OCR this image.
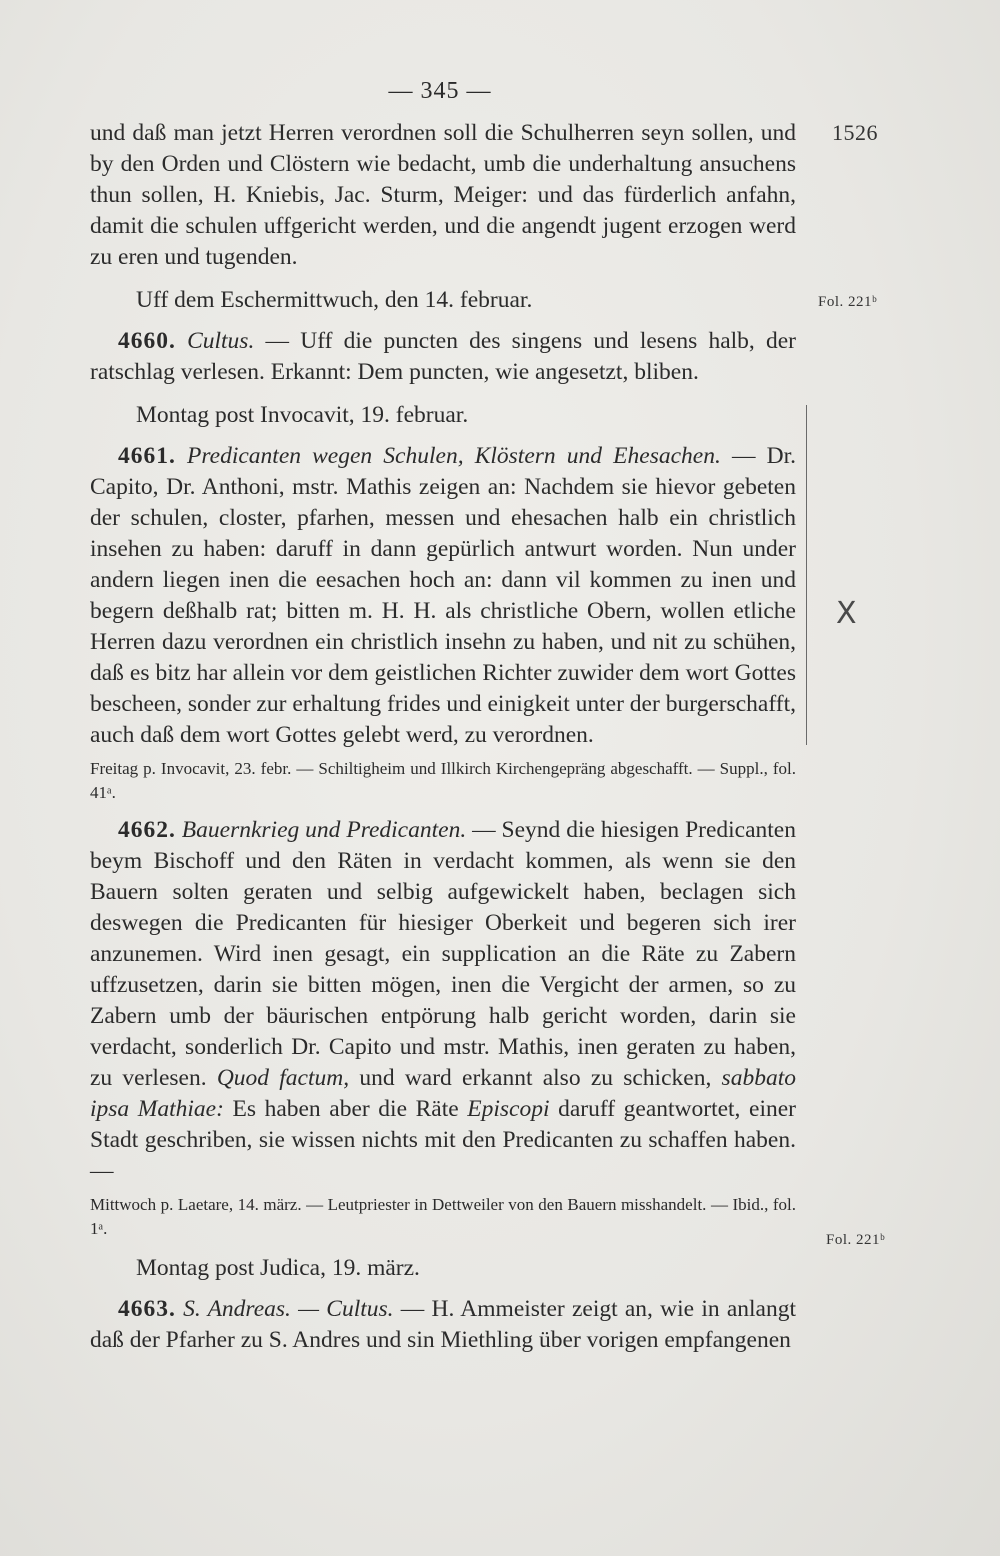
— 345 —
1526
Fol. 221ᵇ
Fol. 221ᵇ
X

und daß man jetzt Herren verordnen soll die Schulherren seyn sollen, und by den Orden und Clöstern wie bedacht, umb die underhaltung ansuchens thun sollen, H. Kniebis, Jac. Sturm, Meiger: und das fürderlich anfahn, damit die schulen uffgericht werden, und die angendt jugent erzogen werd zu eren und tugenden.

Uff dem Eschermittwuch, den 14. februar.

4660. Cultus. — Uff die puncten des singens und lesens halb, der ratschlag verlesen. Erkannt: Dem puncten, wie angesetzt, bliben.

Montag post Invocavit, 19. februar.

4661. Predicanten wegen Schulen, Klöstern und Ehesachen. — Dr. Capito, Dr. Anthoni, mstr. Mathis zeigen an: Nachdem sie hievor gebeten der schulen, closter, pfarhen, messen und ehesachen halb ein christlich insehen zu haben: daruff in dann gepürlich antwurt worden. Nun under andern liegen inen die eesachen hoch an: dann vil kommen zu inen und begern deßhalb rat; bitten m. H. H. als christliche Obern, wollen etliche Herren dazu verordnen ein christlich insehn zu haben, und nit zu schühen, daß es bitz har allein vor dem geistlichen Richter zuwider dem wort Gottes bescheen, sonder zur erhaltung frides und einigkeit unter der burgerschafft, auch daß dem wort Gottes gelebt werd, zu verordnen.

Freitag p. Invocavit, 23. febr. — Schiltigheim und Illkirch Kirchengepräng abgeschafft. — Suppl., fol. 41ᵃ.

4662. Bauernkrieg und Predicanten. — Seynd die hiesigen Predicanten beym Bischoff und den Räten in verdacht kommen, als wenn sie den Bauern solten geraten und selbig aufgewickelt haben, beclagen sich deswegen die Predicanten für hiesiger Oberkeit und begeren sich irer anzunemen. Wird inen gesagt, ein supplication an die Räte zu Zabern uffzusetzen, darin sie bitten mögen, inen die Vergicht der armen, so zu Zabern umb der bäurischen entpörung halb gericht worden, darin sie verdacht, sonderlich Dr. Capito und mstr. Mathis, inen geraten zu haben, zu verlesen. Quod factum, und ward erkannt also zu schicken, sabbato ipsa Mathiae: Es haben aber die Räte Episcopi daruff geantwortet, einer Stadt geschriben, sie wissen nichts mit den Predicanten zu schaffen haben. —

Mittwoch p. Laetare, 14. märz. — Leutpriester in Dettweiler von den Bauern misshandelt. — Ibid., fol. 1ᵃ.

Montag post Judica, 19. märz.

4663. S. Andreas. — Cultus. — H. Ammeister zeigt an, wie in anlangt daß der Pfarher zu S. Andres und sin Miethling über vorigen empfangenen
